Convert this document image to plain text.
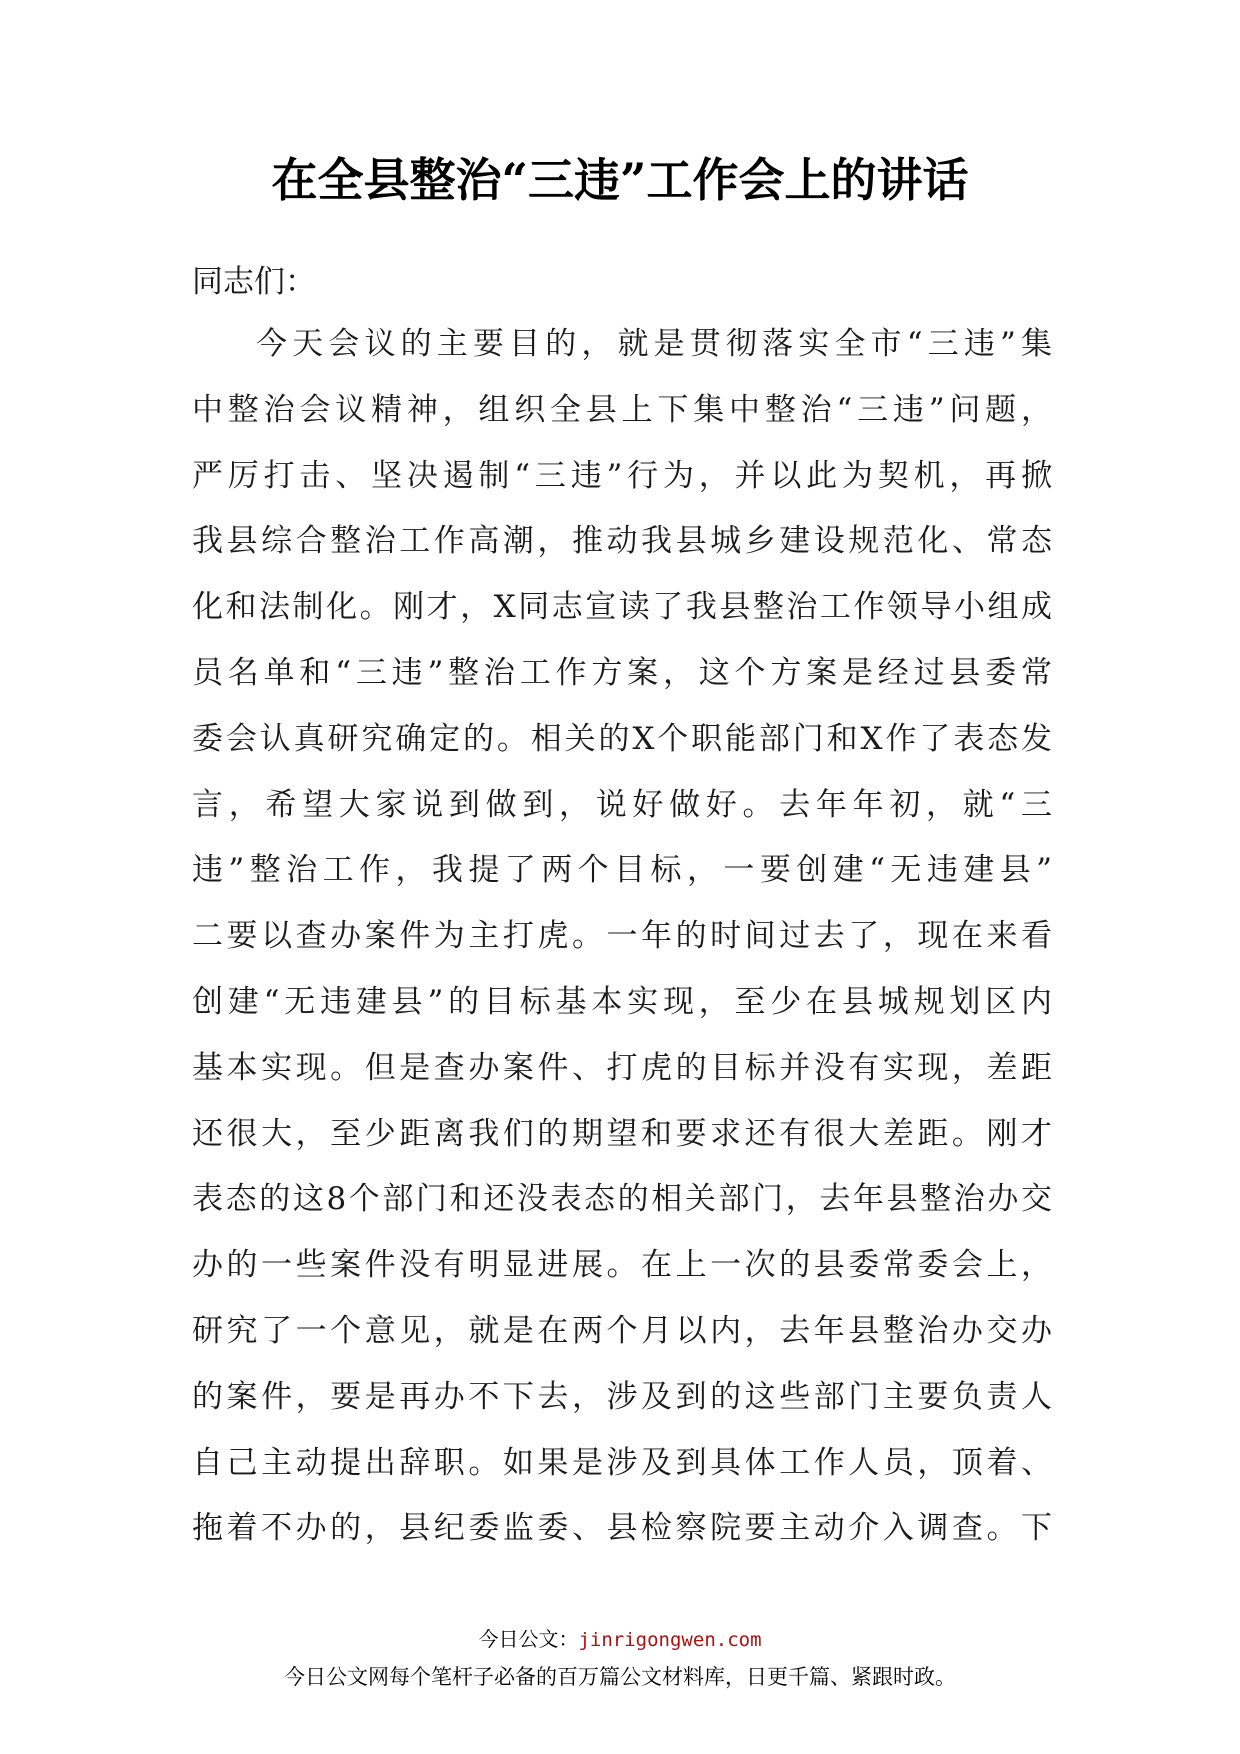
在全县整治“三违”工作会上的讲话
同志们：
今天会议的主要目的，就是贯彻落实全市“三违”集
中整治会议精神，组织全县上下集中整治“三违”问题，
严厉打击、坚决遏制“三违”行为，并以此为契机，再掀
我县综合整治工作高潮，推动我县城乡建设规范化、常态
化和法制化。刚才，X同志宣读了我县整治工作领导小组成
员名单和“三违”整治工作方案，这个方案是经过县委常
委会认真研究确定的。相关的X个职能部门和X作了表态发
言，希望大家说到做到，说好做好。去年年初，就“三
违”整治工作，我提了两个目标，一要创建“无违建县”
二要以查办案件为主打虎。一年的时间过去了，现在来看
创建“无违建县”的目标基本实现，至少在县城规划区内
基本实现。但是查办案件、打虎的目标并没有实现，差距
还很大，至少距离我们的期望和要求还有很大差距。刚才
表态的这8个部门和还没表态的相关部门，去年县整治办交
办的一些案件没有明显进展。在上一次的县委常委会上，
研究了一个意见，就是在两个月以内，去年县整治办交办
的案件，要是再办不下去，涉及到的这些部门主要负责人
自己主动提出辞职。如果是涉及到具体工作人员，顶着、
拖着不办的，县纪委监委、县检察院要主动介入调查。下
今日公文：jinrigongwen.com
今日公文网每个笔杆子必备的百万篇公文材料库，日更千篇、紧跟时政。
